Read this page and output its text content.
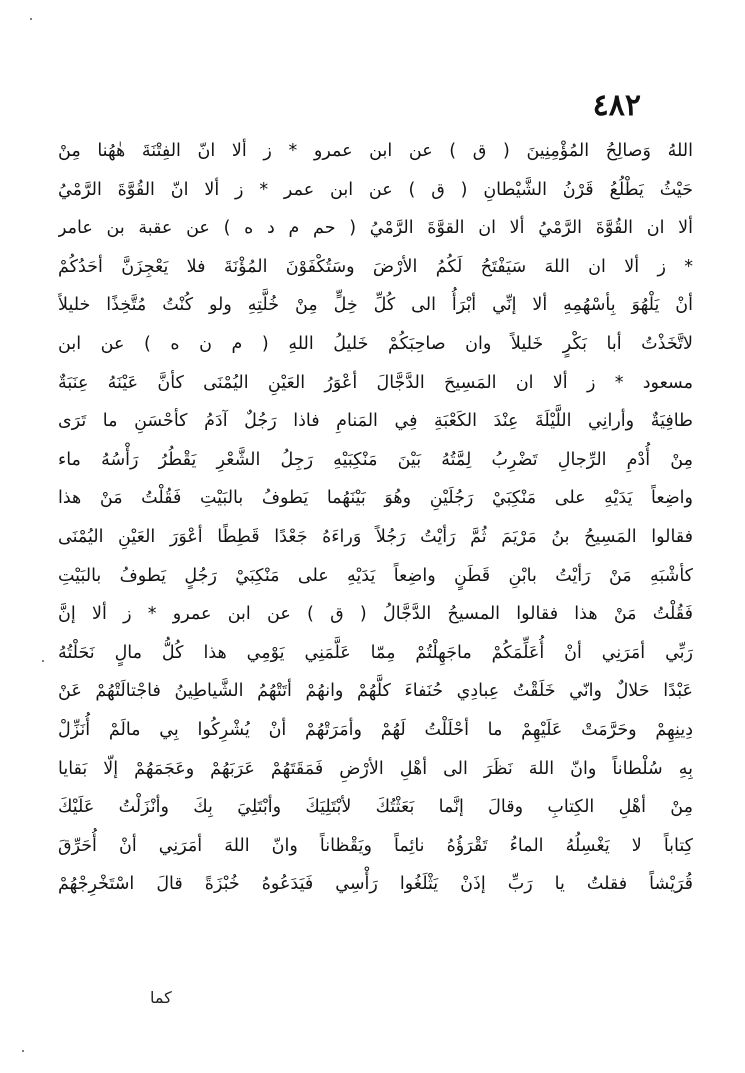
٤٨٢
اللهُ وَصالِحُ المُؤْمِنِينَ ( ق ) عن ابن عمرو * ز ألا انّ الفِتْنَةَ هٰهُنا مِنْ
حَيْثُ يَطْلُعُ قَرْنُ الشَّيْطانِ ( ق ) عن ابن عمر * ز ألا انّ القُوَّةَ الرَّمْيُ
ألا ان القُوَّةَ الرَّمْيُ ألا ان القوَّةَ الرَّمْيُ ( حم م د ه ) عن عقبة بن عامر
* ز ألا ان اللهَ سَيَفْتَحُ لَكُمُ الأرْضَ وسَتُكْفَوْنَ المُؤْنَةَ فلا يَعْجِزَنَّ أحَدُكُمْ
أنْ يَلْهُوَ بِأسْهُمِهِ ألا إنِّي أبْرَأُ الى كُلِّ خِلٍّ مِنْ خُلَّتِهِ ولو كُنْتُ مُتَّخِذًا خليلاً
لاتَّخَذْتُ أبا بَكْرٍ خَليلاً وان صاحِبَكُمْ خَليلُ اللهِ ( م ن ه ) عن ابن
مسعود * ز ألا ان المَسِيحَ الدَّجَّالَ أعْوَرُ العَيْنِ اليُمْنَى كأنَّ عَيْنَهُ عِنَبَةٌ
طافِيَةٌ وأرانِي اللَّيْلَةَ عِنْدَ الكَعْبَةِ فِي المَنامِ فاذا رَجُلٌ آدَمُ كأحْسَنِ ما تَرَى
مِنْ أُدْمِ الرِّجالِ تَضْرِبُ لِمَّتُهُ بَيْنَ مَنْكِبَيْهِ رَجِلُ الشَّعْرِ يَقْطُرُ رَأْسُهُ ماء
واضِعاً يَدَيْهِ على مَنْكِبَيْ رَجُلَيْنِ وهُوَ بَيْنَهُما يَطوفُ بالبَيْتِ فَقُلْتُ مَنْ هذا
فقالوا المَسِيحُ بنُ مَرْيَمَ ثُمَّ رَأيْتُ رَجُلاً وَراءَهُ جَعْدًا قَطِطًا أعْوَرَ العَيْنِ اليُمْنَى
كأشْبَهِ مَنْ رَأيْتُ بابْنِ قَطَنٍ واضِعاً يَدَيْهِ على مَنْكِبَيْ رَجُلٍ يَطوفُ بالبَيْتِ
فَقُلْتُ مَنْ هذا فقالوا المسيحُ الدَّجَّالُ ( ق ) عن ابن عمرو * ز ألا إنَّ
رَبِّي أمَرَنِي أنْ أُعَلِّمَكُمْ ماجَهِلْتُمْ مِمّا عَلَّمَنِي يَوْمِي هذا كُلُّ مالٍ نَحَلْتُهُ
عَبْدًا حَلالٌ وانّي خَلَقْتُ عِبادِي حُنَفاءَ كلَّهُمْ وانهُمْ أتَتْهُمُ الشَّياطِينُ فاجْتالَتْهُمْ عَنْ
دِينِهِمْ وحَرَّمَتْ عَلَيْهِمْ ما أحْلَلْتُ لَهُمْ وأمَرَتْهُمْ أنْ يُشْرِكُوا بِي مالَمْ أُنَزِّلْ
بِهِ سُلْطاناً وانّ اللهَ نَظَرَ الى أهْلِ الأرْضِ فَمَقَتَهُمْ عَرَبَهُمْ وعَجَمَهُمْ إلّا بَقايا
مِنْ أهْلِ الكِتابِ وقالَ إنَّما بَعَثْتُكَ لأبْتَلِيَكَ وأبْتَلِيَ بِكَ وأنْزَلْتُ عَلَيْكَ
كِتاباً لا يَغْسِلُهُ الماءُ تَقْرَؤُهُ نائِماً ويَقْظاناً وانّ اللهَ أمَرَنِي أنْ أُحَرِّقَ
قُرَيْشاً فقلتُ يا رَبِّ إذَنْ يَثْلَغُوا رَأْسِي فَيَدَعُوهُ خُبْزَةً قالَ اسْتَخْرِجْهُمْ
كما
